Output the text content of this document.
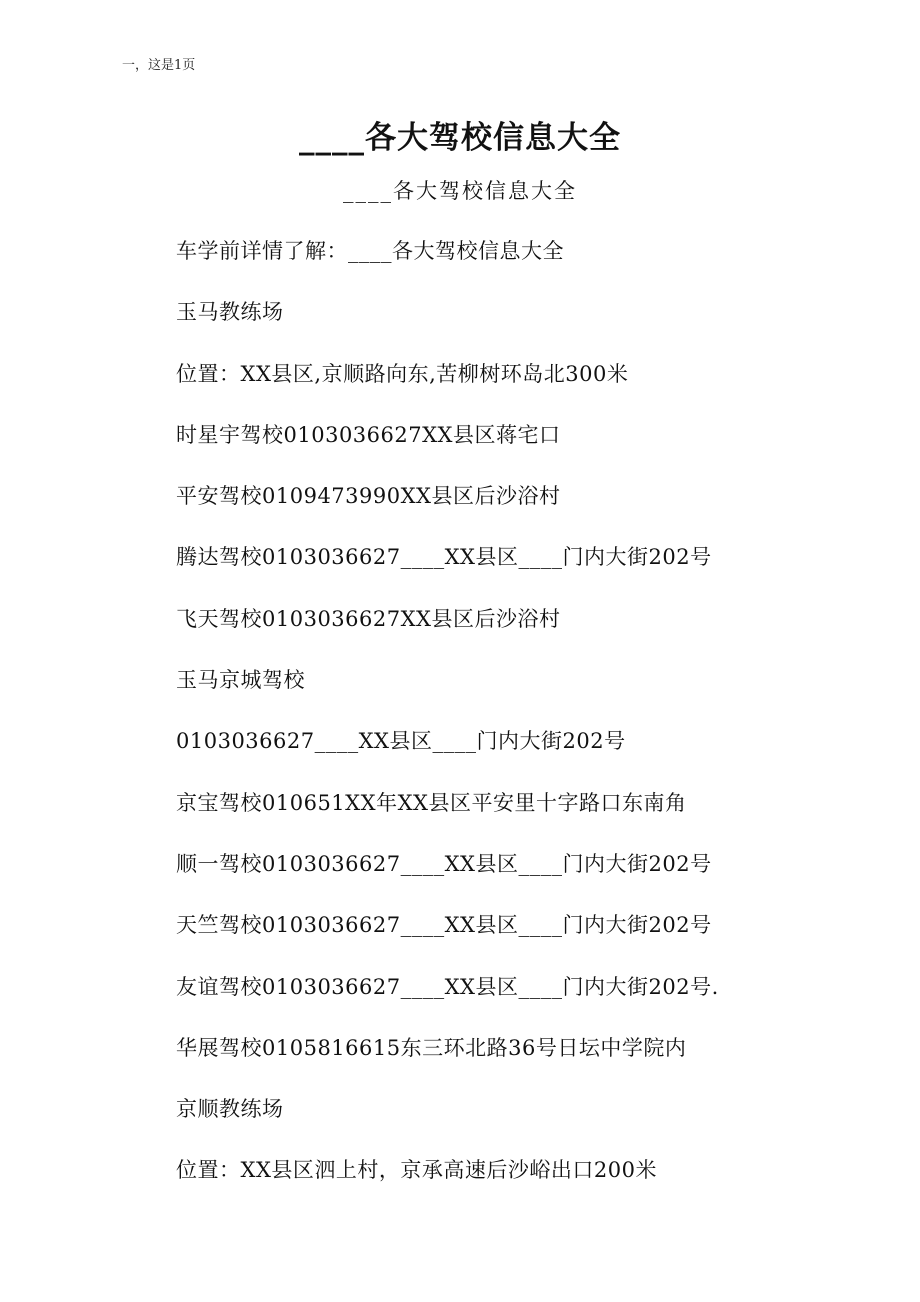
一，这是1页
____各大驾校信息大全
____各大驾校信息大全
车学前详情了解：____各大驾校信息大全
玉马教练场
位置：XX县区,京顺路向东,苦柳树环岛北300米
时星宇驾校0103036627XX县区蒋宅口
平安驾校0109473990XX县区后沙浴村
腾达驾校0103036627____XX县区____门内大街202号
飞天驾校0103036627XX县区后沙浴村
玉马京城驾校
0103036627____XX县区____门内大街202号
京宝驾校010651XX年XX县区平安里十字路口东南角
顺一驾校0103036627____XX县区____门内大街202号
天竺驾校0103036627____XX县区____门内大街202号
友谊驾校0103036627____XX县区____门内大街202号.
华展驾校0105816615东三环北路36号日坛中学院内
京顺教练场
位置：XX县区泗上村，京承高速后沙峪出口200米
